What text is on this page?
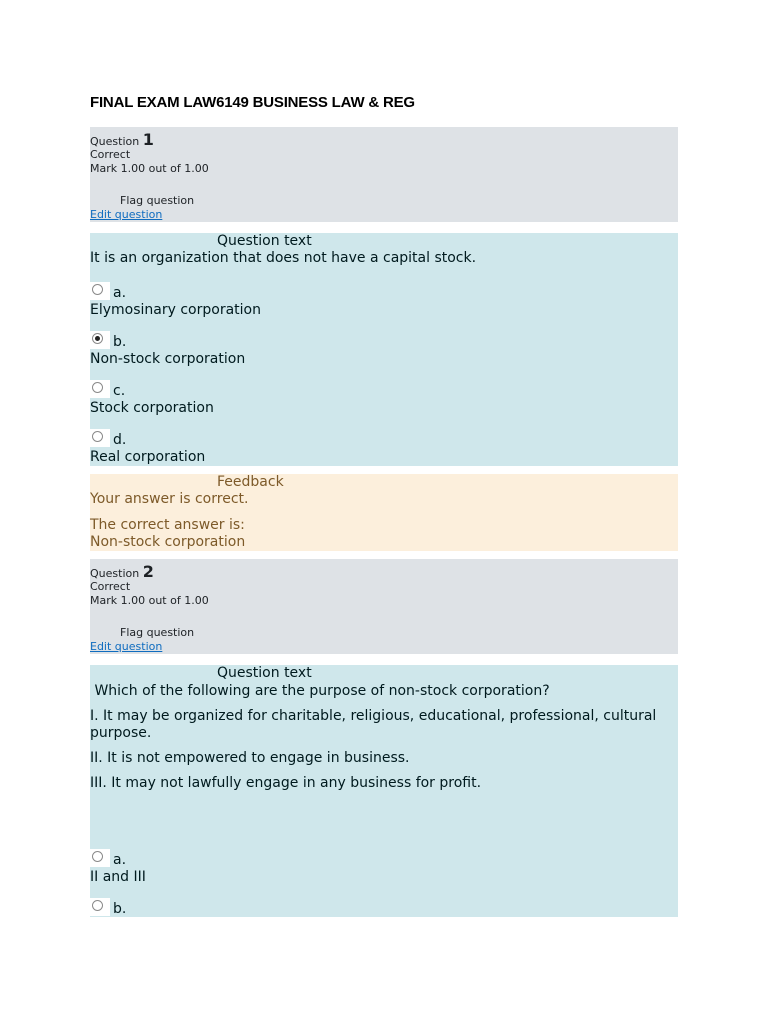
FINAL EXAM LAW6149 BUSINESS LAW & REG
Question 1
Correct
Mark 1.00 out of 1.00
Flag question
Edit question
Question text
It is an organization that does not have a capital stock.
a.
Elymosinary corporation
b.
Non-stock corporation
c.
Stock corporation
d.
Real corporation
Feedback
Your answer is correct.
The correct answer is:
Non-stock corporation
Question 2
Correct
Mark 1.00 out of 1.00
Flag question
Edit question
Question text
Which of the following are the purpose of non-stock corporation?
I. It may be organized for charitable, religious, educational, professional, cultural purpose.
II. It is not empowered to engage in business.
III. It may not lawfully engage in any business for profit.
a.
II and III
b.
